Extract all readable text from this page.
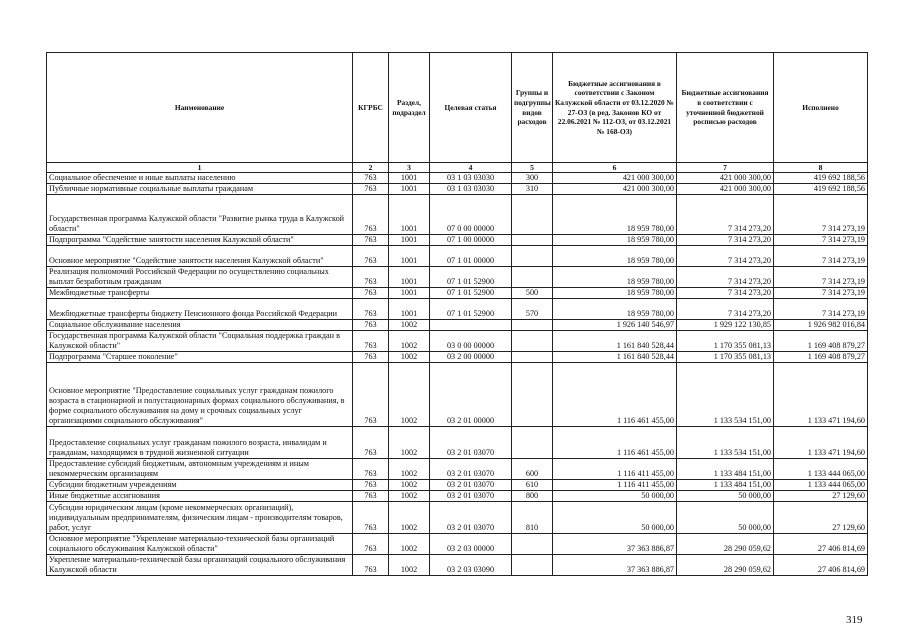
Наименование	КГРБС	Раздел, подраздел	Целевая статья	Группы и подгруппы видов расходов	Бюджетные ассигнования в соответствии с Законом Калужской области от 03.12.2020 № 27-ОЗ (в ред. Законов КО от 22.06.2021 № 112-ОЗ, от 03.12.2021 № 168-ОЗ)	Бюджетные ассигнования в соответствии с уточненной бюджетной росписью расходов	Исполнено
1	2	3	4	5	6	7	8
Социальное обеспечение и иные выплаты населению	763	1001	03 1 03 03030	300	421 000 300,00	421 000 300,00	419 692 188,56
Публичные нормативные социальные выплаты гражданам	763	1001	03 1 03 03030	310	421 000 300,00	421 000 300,00	419 692 188,56
Государственная программа Калужской области "Развитие рынка труда в Калужской области"	763	1001	07 0 00 00000		18 959 780,00	7 314 273,20	7 314 273,19
Подпрограмма "Содействие занятости населения Калужской области"	763	1001	07 1 00 00000		18 959 780,00	7 314 273,20	7 314 273,19
Основное мероприятие "Содействие занятости населения Калужской области"	763	1001	07 1 01 00000		18 959 780,00	7 314 273,20	7 314 273,19
Реализация полномочий Российской Федерации по осуществлению социальных выплат безработным гражданам	763	1001	07 1 01 52900		18 959 780,00	7 314 273,20	7 314 273,19
Межбюджетные трансферты	763	1001	07 1 01 52900	500	18 959 780,00	7 314 273,20	7 314 273,19
Межбюджетные трансферты бюджету Пенсионного фонда Российской Федерации	763	1001	07 1 01 52900	570	18 959 780,00	7 314 273,20	7 314 273,19
Социальное обслуживание населения	763	1002			1 926 140 546,97	1 929 122 130,85	1 926 982 016,84
Государственная программа Калужской области "Социальная поддержка граждан в Калужской области"	763	1002	03 0 00 00000		1 161 840 528,44	1 170 355 081,13	1 169 408 879,27
Подпрограмма "Старшее поколение"	763	1002	03 2 00 00000		1 161 840 528,44	1 170 355 081,13	1 169 408 879,27
Основное мероприятие "Предоставление социальных услуг гражданам пожилого возраста в стационарной и полустационарных формах социального обслуживания, в форме социального обслуживания на дому и срочных социальных услуг организациями социального обслуживания"	763	1002	03 2 01 00000		1 116 461 455,00	1 133 534 151,00	1 133 471 194,60
Предоставление социальных услуг гражданам пожилого возраста, инвалидам и гражданам, находящимся в трудной жизненной ситуации	763	1002	03 2 01 03070		1 116 461 455,00	1 133 534 151,00	1 133 471 194,60
Предоставление субсидий бюджетным, автономным учреждениям и иным некоммерческим организациям	763	1002	03 2 01 03070	600	1 116 411 455,00	1 133 484 151,00	1 133 444 065,00
Субсидии бюджетным учреждениям	763	1002	03 2 01 03070	610	1 116 411 455,00	1 133 484 151,00	1 133 444 065,00
Иные бюджетные ассигнования	763	1002	03 2 01 03070	800	50 000,00	50 000,00	27 129,60
Субсидии юридическим лицам (кроме некоммерческих организаций), индивидуальным предпринимателям, физическим лицам - производителям товаров, работ, услуг	763	1002	03 2 01 03070	810	50 000,00	50 000,00	27 129,60
Основное мероприятие "Укрепление материально-технической базы организаций социального обслуживания Калужской области"	763	1002	03 2 03 00000		37 363 886,87	28 290 059,62	27 406 814,69
Укрепление материально-технической базы организаций социального обслуживания Калужской области	763	1002	03 2 03 03090		37 363 886,87	28 290 059,62	27 406 814,69
319
